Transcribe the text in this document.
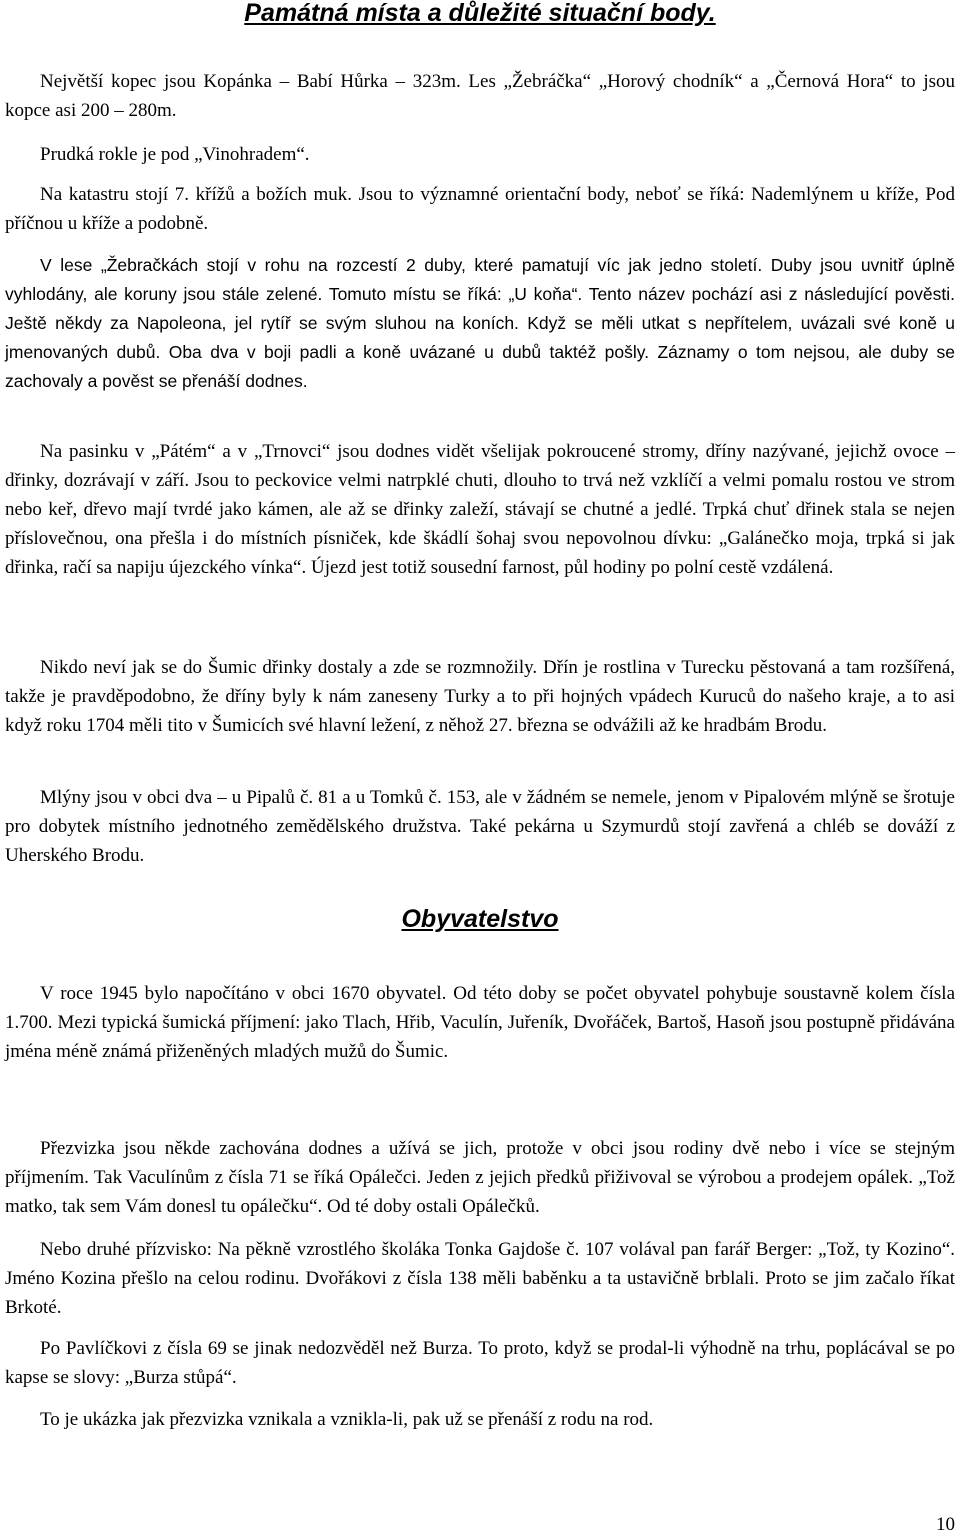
Památná místa a důležité situační body.

Největší kopec jsou Kopánka – Babí Hůrka – 323m. Les „Žebráčka“ „Horový chodník“ a „Černová Hora“ to jsou kopce asi 200 – 280m.

Prudká rokle je pod „Vinohradem“.

Na katastru stojí 7. křížů a božích muk. Jsou to významné orientační body, neboť se říká: Nademlýnem u kříže, Pod příčnou u kříže a podobně.

V lese „Žebračkách stojí v rohu na rozcestí 2 duby, které pamatují víc jak jedno století. Duby jsou uvnitř úplně vyhlodány, ale koruny jsou stále zelené. Tomuto místu se říká: „U koňa“. Tento název pochází asi z následující pověsti. Ještě někdy za Napoleona, jel rytíř se svým sluhou na koních. Když se měli utkat s nepřítelem, uvázali své koně u jmenovaných dubů. Oba dva v boji padli a koně uvázané u dubů taktéž pošly. Záznamy o tom nejsou, ale duby se zachovaly a pověst se přenáší dodnes.

Na pasinku v „Pátém“ a v „Trnovci“ jsou dodnes vidět všelijak pokroucené stromy, dříny nazývané, jejichž ovoce – dřinky, dozrávají v září. Jsou to peckovice velmi natrpklé chuti, dlouho to trvá než vzklíčí a velmi pomalu rostou ve strom nebo keř, dřevo mají tvrdé jako kámen, ale až se dřinky zaleží, stávají se chutné a jedlé. Trpká chuť dřinek stala se nejen příslovečnou, ona přešla i do místních písniček, kde škádlí šohaj svou nepovolnou dívku: „Galánečko moja, trpká si jak dřinka, račí sa napiju újezckého vínka“. Újezd jest totiž sousední farnost, půl hodiny po polní cestě vzdálená.

Nikdo neví jak se do Šumic dřinky dostaly a zde se rozmnožily. Dřín je rostlina v Turecku pěstovaná a tam rozšířená, takže je pravděpodobno, že dříny byly k nám zaneseny Turky a to při hojných vpádech Kuruců do našeho kraje, a to asi když roku 1704 měli tito v Šumicích své hlavní ležení, z něhož 27. března se odvážili až ke hradbám Brodu.

Mlýny jsou v obci dva – u Pipalů č. 81 a u Tomků č. 153, ale v žádném se nemele, jenom v Pipalovém mlýně se šrotuje pro dobytek místního jednotného zemědělského družstva. Také pekárna u Szymurdů stojí zavřená a chléb se dováží z Uherského Brodu.

Obyvatelstvo

V roce 1945 bylo napočítáno v obci 1670 obyvatel. Od této doby se počet obyvatel pohybuje soustavně kolem čísla 1.700. Mezi typická šumická příjmení: jako Tlach, Hřib, Vaculín, Juřeník, Dvořáček, Bartoš, Hasoň jsou postupně přidávána jména méně známá přiženěných mladých mužů do Šumic.

Přezvizka jsou někde zachována dodnes a užívá se jich, protože v obci jsou rodiny dvě nebo i více se stejným příjmením. Tak Vaculínům z čísla 71 se říká Opálečci. Jeden z jejich předků přiživoval se výrobou a prodejem opálek. „Tož matko, tak sem Vám donesl tu opálečku“. Od té doby ostali Opálečků.

Nebo druhé přízvisko: Na pěkně vzrostlého školáka Tonka Gajdoše č. 107 volával pan farář Berger: „Tož, ty Kozino“. Jméno Kozina přešlo na celou rodinu. Dvořákovi z čísla 138 měli baběnku a ta ustavičně brblali. Proto se jim začalo říkat Brkoté.

Po Pavlíčkovi z čísla 69 se jinak nedozvěděl než Burza. To proto, když se prodal-li výhodně na trhu, poplácával se po kapse se slovy: „Burza stůpá“.

To je ukázka jak přezvizka vznikala a vznikla-li, pak už se přenáší z rodu na rod.

10
